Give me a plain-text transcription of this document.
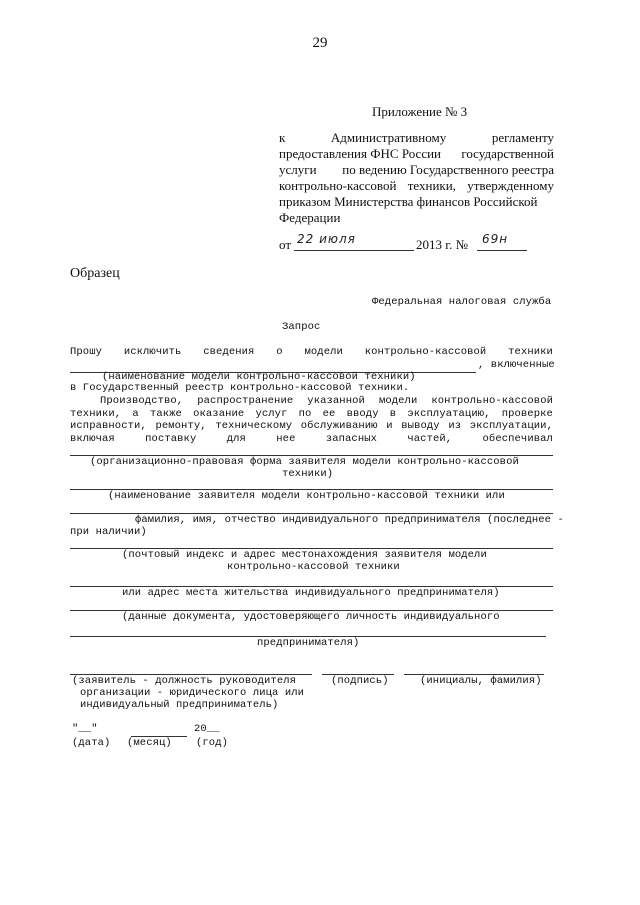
29
Приложение № 3
к	Административному	регламенту
предоставления ФНС России государственной
услуги по ведению Государственного реестра
контрольно-кассовой техники, утвержденному
приказом Министерства финансов Российской
Федерации
от 22 июля	2013 г. № 69н
Образец
Федеральная налоговая служба
Запрос
Прошу исключить сведения о модели контрольно-кассовой техники
, включенные
(наименование модели контрольно-кассовой техники)
в Государственный реестр контрольно-кассовой техники.
Производство, распространение указанной модели контрольно-кассовой
техники, а также оказание услуг по ее вводу в эксплуатацию, проверке
исправности, ремонту, техническому обслуживанию и выводу из эксплуатации,
включая	поставку	для	нее	запасных	частей,	обеспечивал
(организационно-правовая форма заявителя модели контрольно-кассовой
техники)
(наименование заявителя модели контрольно-кассовой техники или
фамилия, имя, отчество индивидуального предпринимателя (последнее -
при наличии)
(почтовый индекс и адрес местонахождения заявителя модели
контрольно-кассовой техники
или адрес места жительства индивидуального предпринимателя)
(данные документа, удостоверяющего личность индивидуального
предпринимателя)
(заявитель - должность руководителя
организации - юридического лица или
индивидуальный предприниматель)
(подпись)	(инициалы, фамилия)
"__"	20__
(дата) (месяц) (год)
